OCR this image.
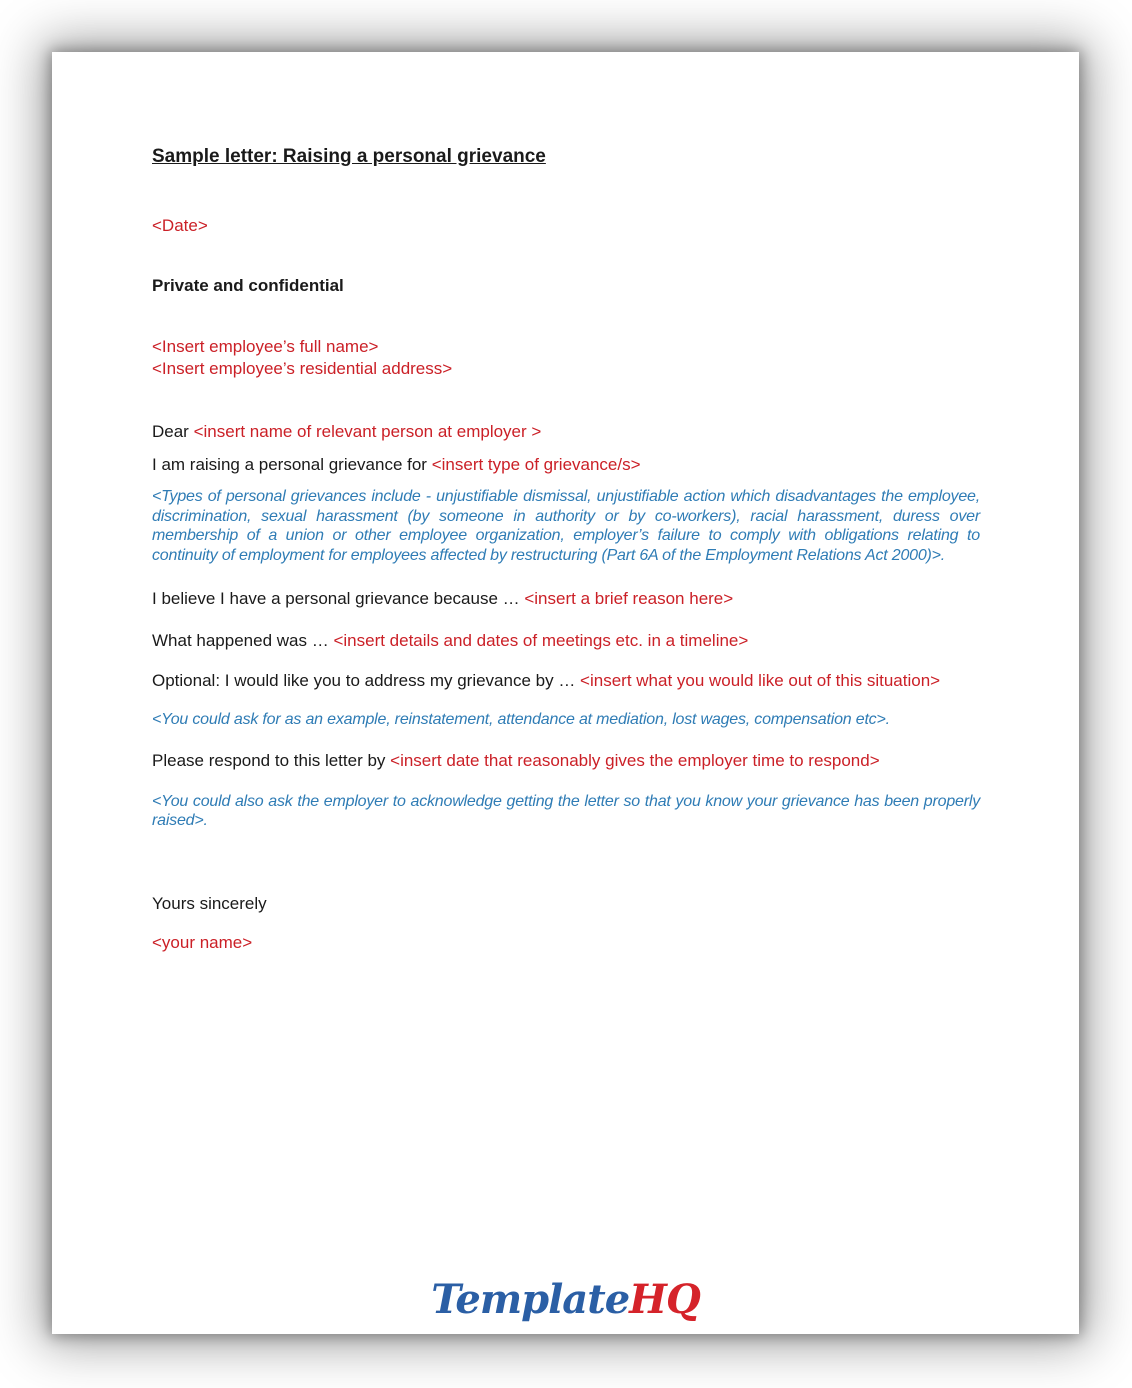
Sample letter: Raising a personal grievance

<Date>

Private and confidential

<Insert employee’s full name>

<Insert employee’s residential address>

Dear <insert name of relevant person at employer >

I am raising a personal grievance for <insert type of grievance/s>

<Types of personal grievances include - unjustifiable dismissal, unjustifiable action which disadvantages the employee, discrimination, sexual harassment (by someone in authority or by co-workers), racial harassment, duress over membership of a union or other employee organization, employer’s failure to comply with obligations relating to continuity of employment for employees affected by restructuring (Part 6A of the Employment Relations Act 2000)>.

I believe I have a personal grievance because … <insert a brief reason here>

What happened was … <insert details and dates of meetings etc. in a timeline>

Optional: I would like you to address my grievance by … <insert what you would like out of this situation>

<You could ask for as an example, reinstatement, attendance at mediation, lost wages, compensation etc>.

Please respond to this letter by <insert date that reasonably gives the employer time to respond>

<You could also ask the employer to acknowledge getting the letter so that you know your grievance has been properly raised>.

Yours sincerely

<your name>

TemplateHQ
